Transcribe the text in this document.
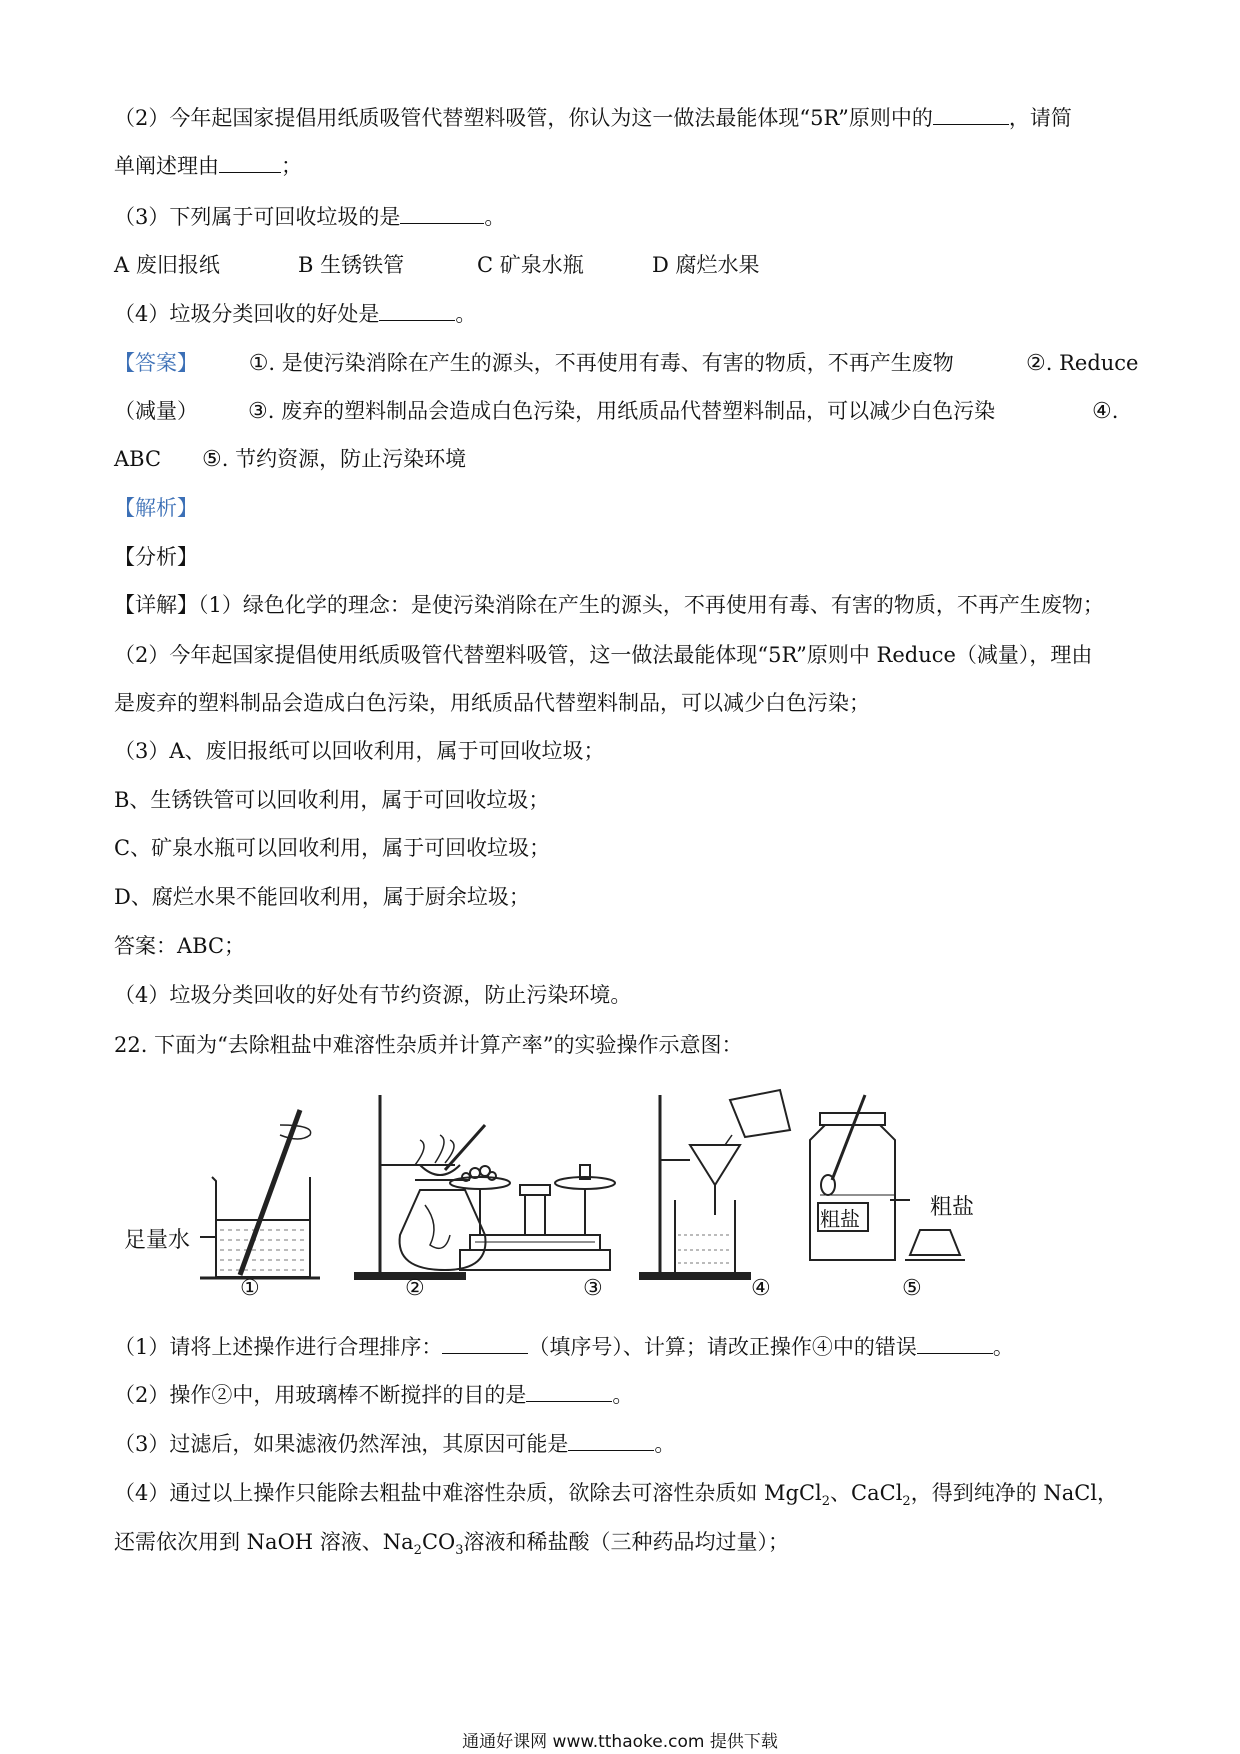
（2）今年起国家提倡用纸质吸管代替塑料吸管，你认为这一做法最能体现“5R”原则中的	，请简
单阐述理由	；
（3）下列属于可回收垃圾的是	。
A 废旧报纸	B 生锈铁管	C 矿泉水瓶	D 腐烂水果
（4）垃圾分类回收的好处是	。
【答案】 ①. 是使污染消除在产生的源头，不再使用有毒、有害的物质，不再产生废物	②. Reduce
（减量） ③. 废弃的塑料制品会造成白色污染，用纸质品代替塑料制品，可以减少白色污染	④.
ABC ⑤. 节约资源，防止污染环境
【解析】
【分析】
【详解】（1）绿色化学的理念：是使污染消除在产生的源头，不再使用有毒、有害的物质，不再产生废物；
（2）今年起国家提倡使用纸质吸管代替塑料吸管，这一做法最能体现“5R”原则中 Reduce（减量），理由
是废弃的塑料制品会造成白色污染，用纸质品代替塑料制品，可以减少白色污染；
（3）A、废旧报纸可以回收利用，属于可回收垃圾；
B、生锈铁管可以回收利用，属于可回收垃圾；
C、矿泉水瓶可以回收利用，属于可回收垃圾；
D、腐烂水果不能回收利用，属于厨余垃圾；
答案：ABC；
（4）垃圾分类回收的好处有节约资源，防止污染环境。
22. 下面为“去除粗盐中难溶性杂质并计算产率”的实验操作示意图：
足量水
粗盐	粗盐
①	②	③	④	⑤
（1）请将上述操作进行合理排序：	（填序号）、计算；请改正操作④中的错误	。
（2）操作②中，用玻璃棒不断搅拌的目的是	。
（3）过滤后，如果滤液仍然浑浊，其原因可能是	。
（4）通过以上操作只能除去粗盐中难溶性杂质，欲除去可溶性杂质如 MgCl$_2$、CaCl$_2$，得到纯净的 NaCl，
还需依次用到 NaOH 溶液、$Na_2CO_3$溶液和稀盐酸（三种药品均过量）；
通通好课网 www.tthaoke.com 提供下载
